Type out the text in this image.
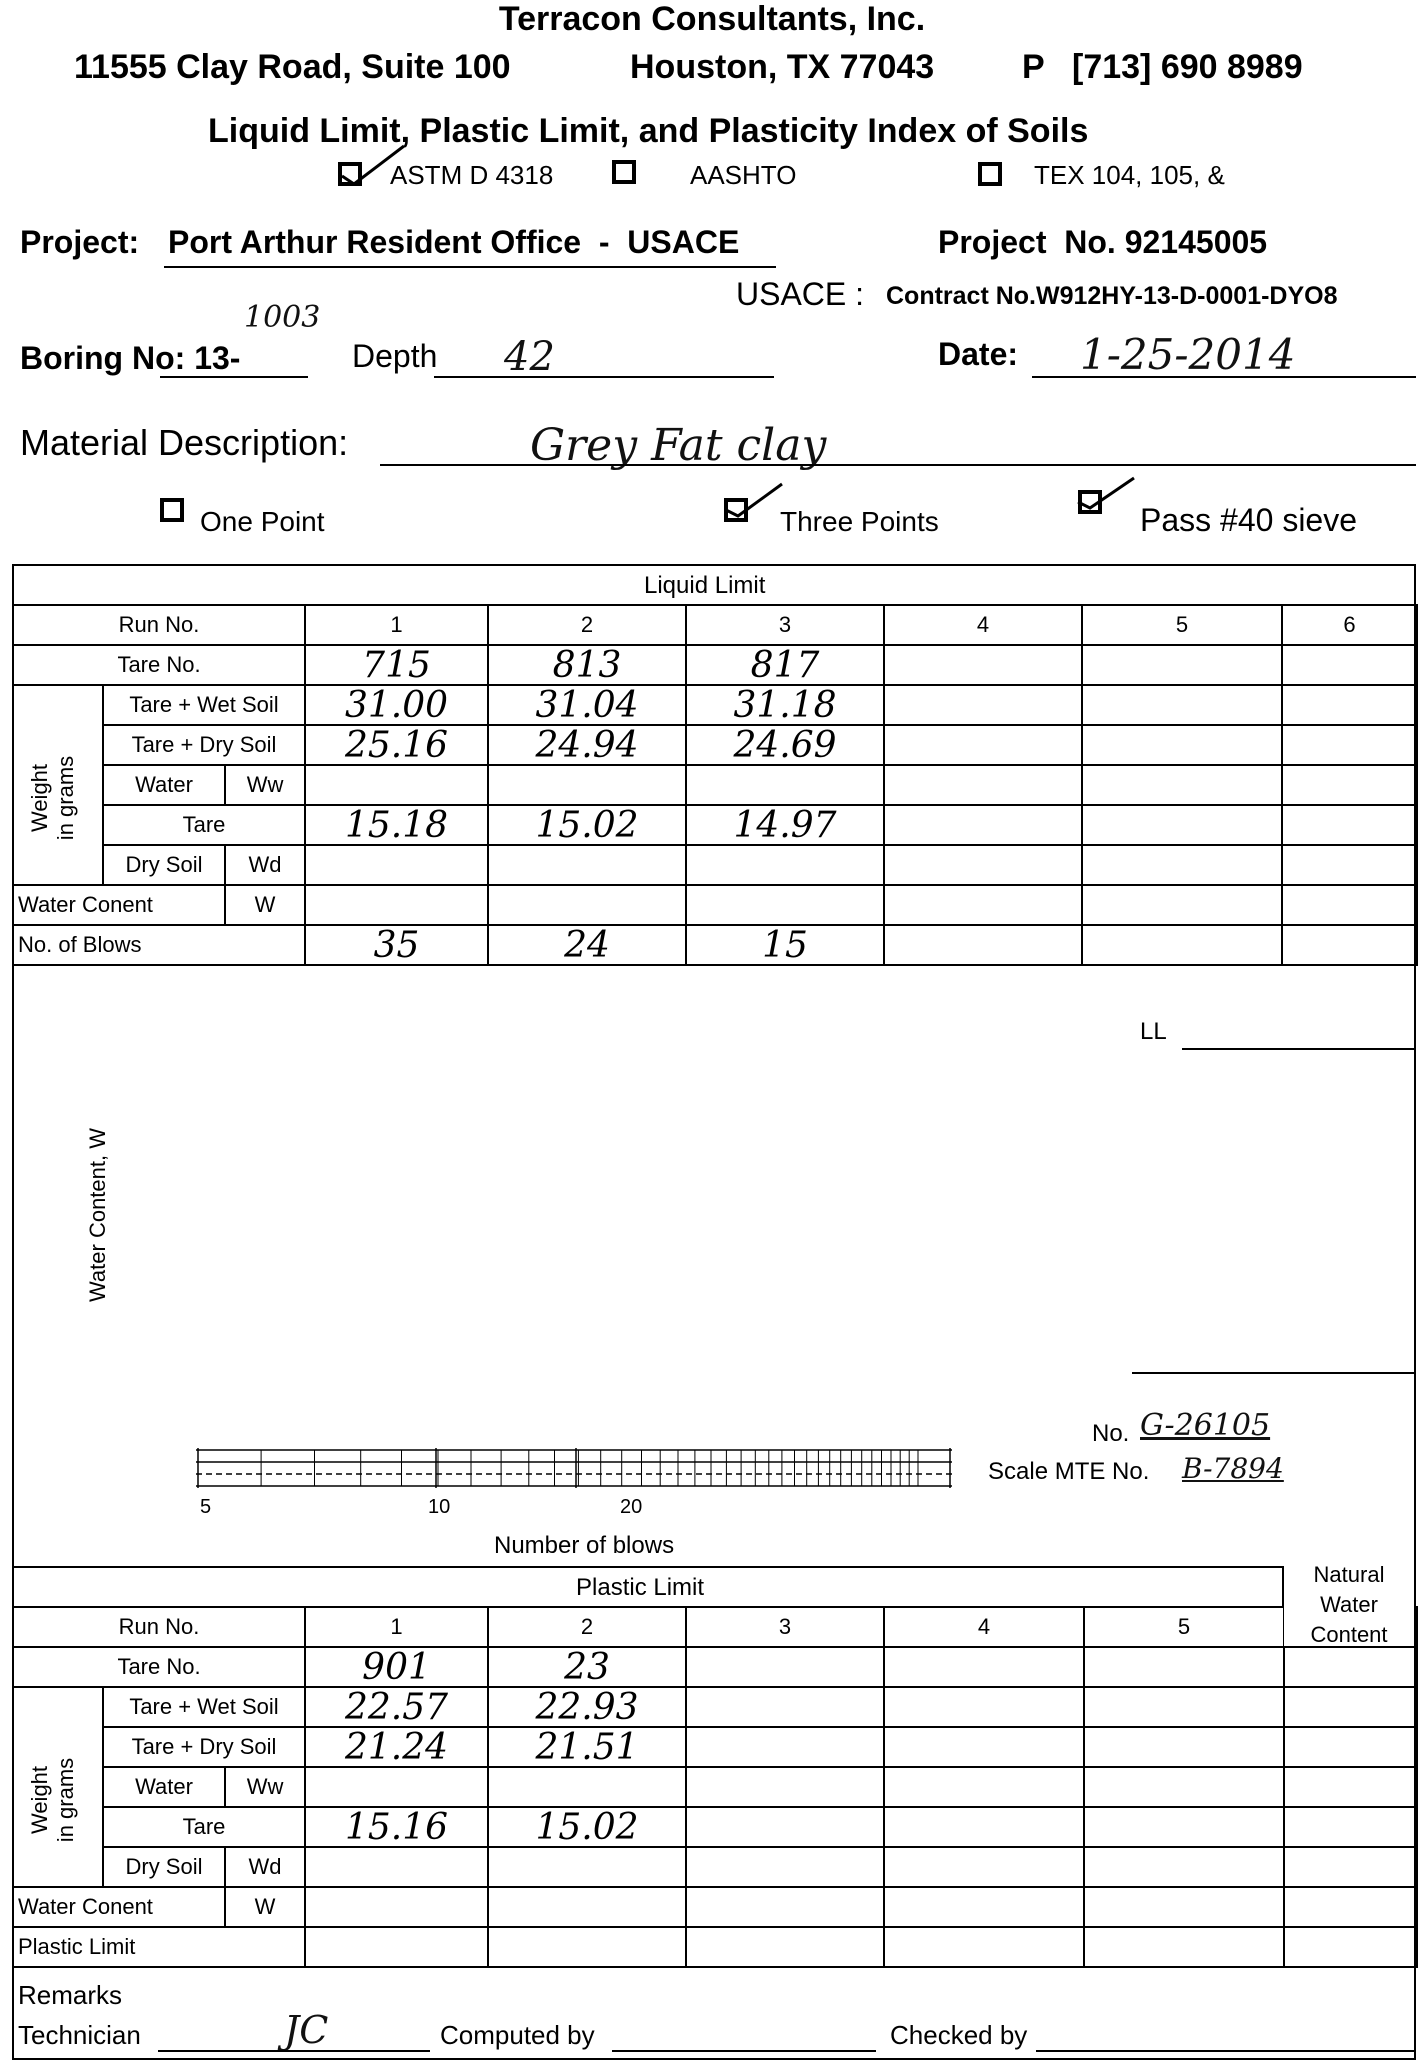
Terracon Consultants, Inc.
11555 Clay Road, Suite 100	Houston, TX 77043	P [713] 690 8989
Liquid Limit, Plastic Limit, and Plasticity Index of Soils
ASTM D 4318	AASHTO	TEX 104, 105, &
Project: Port Arthur Resident Office  -  USACE	Project  No. 92145005
USACE : Contract No.W912HY-13-D-0001-DYO8
Boring No: 13-
1003
Depth 42	Date: 1-25-2014
Material Description:	Grey Fat clay
One Point	Three Points	Pass #40 sieve
Liquid Limit
Run No.			1	2	3	4	5	6
Tare No.			715	813	817			
	Tare + Wet Soil		31.00	31.04	31.18			
	Tare + Dry Soil		25.16	24.94	24.69			
	Water	Ww						
	Tare		15.18	15.02	14.97			
	Dry Soil	Wd						
Water Conent		W						
No. of Blows			35	24	15			
Weight
in grams
LL
Water Content, W
5	10	20
Number of blows
No. G-26105
Scale MTE No. B-7894
Plastic Limit	Natural
Water
Content
Run No.			1	2	3	4	5	
Tare No.			901	23				
	Tare + Wet Soil		22.57	22.93				
	Tare + Dry Soil		21.24	21.51				
	Water	Ww						
	Tare		15.16	15.02				
	Dry Soil	Wd						
Water Conent		W						
Plastic Limit								
Weight
in grams
Remarks
Technician	JC	Computed by	Checked by
